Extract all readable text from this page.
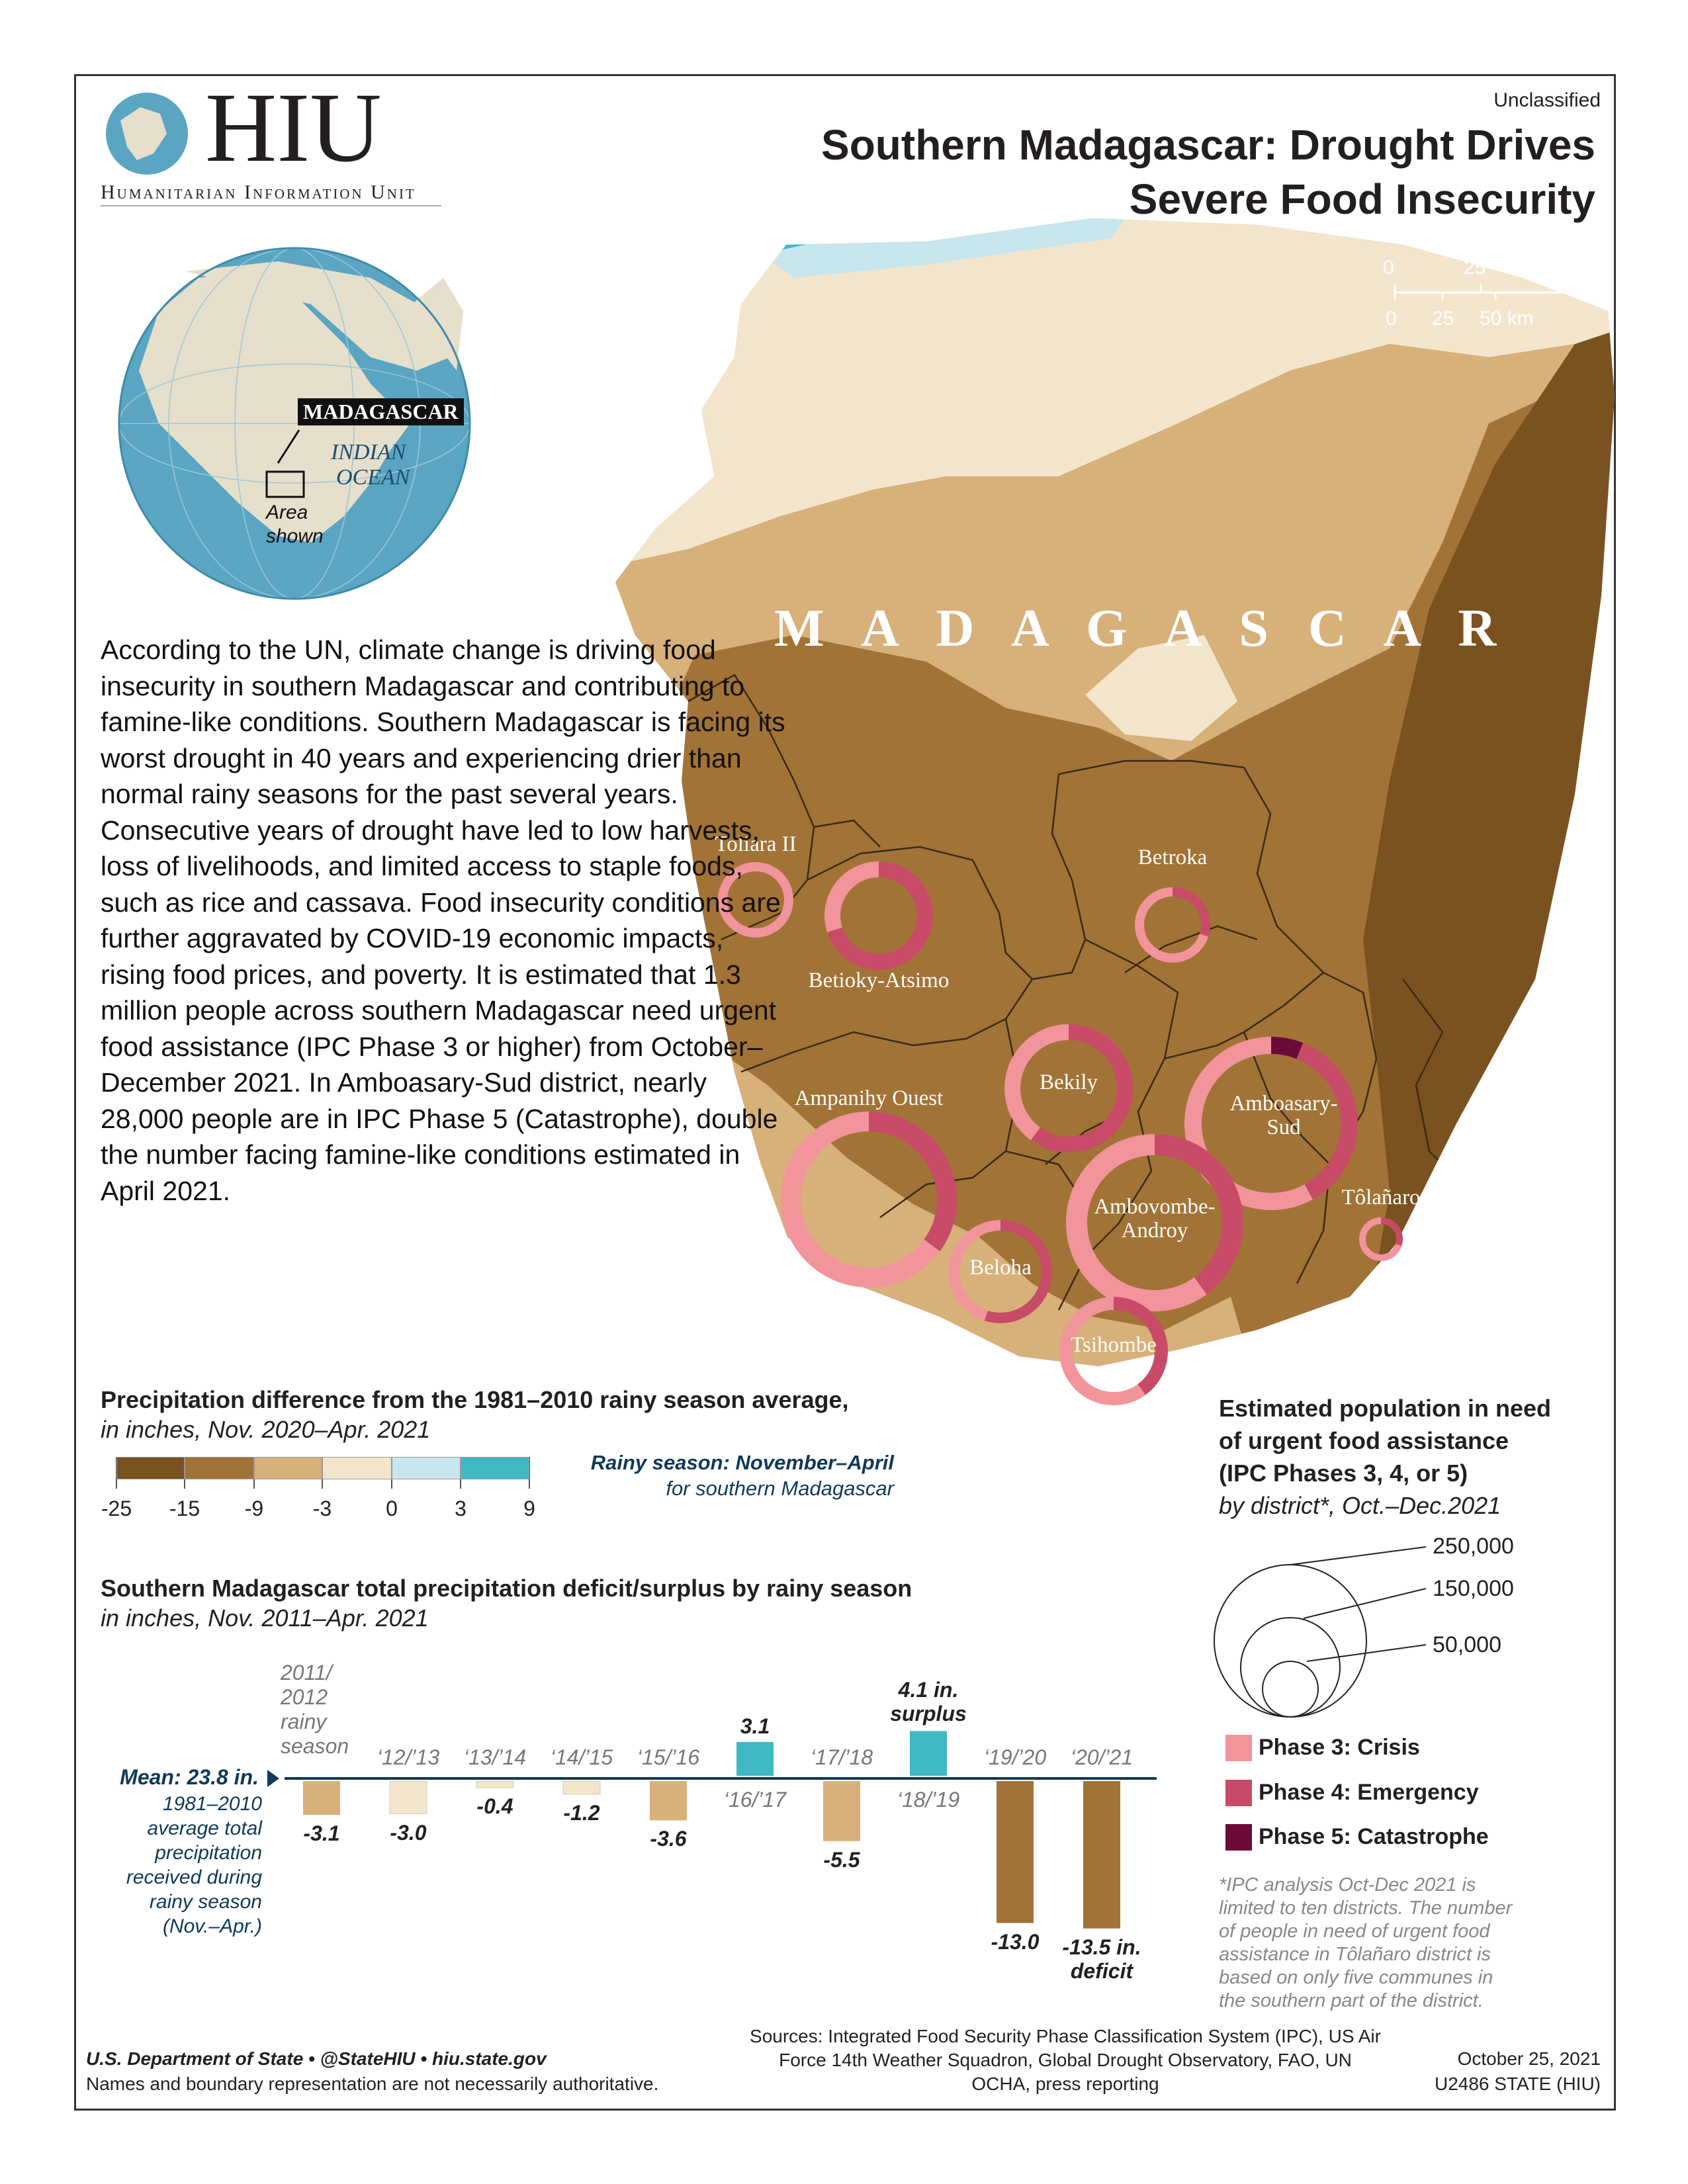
HIU
Humanitarian Information Unit
Unclassified
Southern Madagascar: Drought Drives
Severe Food Insecurity
0	25	50 mi
0 25 50 km
MADAGASCAR
INDIAN
OCEAN
Area
shown
M A D A G A S C A R
Toliara II
Betroka
Betioky-Atsimo
Bekily
Amboasary-
Sud
Ampanihy Ouest
Ambovombe-
Androy
Tôlañaro
Beloha
Tsihombe

According to the UN, climate change is driving food insecurity in southern Madagascar and contributing to famine-like conditions. Southern Madagascar is facing its worst drought in 40 years and experiencing drier than normal rainy seasons for the past several years. Consecutive years of drought have led to low harvests, loss of livelihoods, and limited access to staple foods, such as rice and cassava. Food insecurity conditions are further aggravated by COVID-19 economic impacts, rising food prices, and poverty. It is estimated that 1.3 million people across southern Madagascar need urgent food assistance (IPC Phase 3 or higher) from October–December 2021. In Amboasary-Sud district, nearly 28,000 people are in IPC Phase 5 (Catastrophe), double the number facing famine-like conditions estimated in April 2021.

Precipitation difference from the 1981–2010 rainy season average,
in inches, Nov. 2020–Apr. 2021
-25	-15	-9	-3	0	3	9
Rainy season: November–April
for southern Madagascar
Estimated population in need
of urgent food assistance
(IPC Phases 3, 4, or 5)
by district*, Oct.–Dec.2021
250,000
150,000
50,000
Phase 3: Crisis
Phase 4: Emergency
Phase 5: Catastrophe
*IPC analysis Oct-Dec 2021 is limited to ten districts. The number of people in need of urgent food assistance in Tôlañaro district is based on only five communes in the southern part of the district.
Southern Madagascar total precipitation deficit/surplus by rainy season
in inches, Nov. 2011–Apr. 2021
Mean: 23.8 in.
1981–2010 average total precipitation received during rainy season (Nov.–Apr.)
2011/ 2012 rainy season
-3.1	-3.0
‘12/’13
-0.4
‘13/’14
-1.2
‘14/’15
-3.6
‘15/’16
3.1
‘16/’17
-5.5
‘17/’18
4.1 in.
surplus
‘18/’19
-13.0
‘19/’20
-13.5 in.
deficit
‘20/’21
U.S. Department of State • @StateHIU • hiu.state.gov
Names and boundary representation are not necessarily authoritative.
Sources: Integrated Food Security Phase Classification System (IPC), US Air Force 14th Weather Squadron, Global Drought Observatory, FAO, UN OCHA, press reporting
October 25, 2021
U2486 STATE (HIU)
